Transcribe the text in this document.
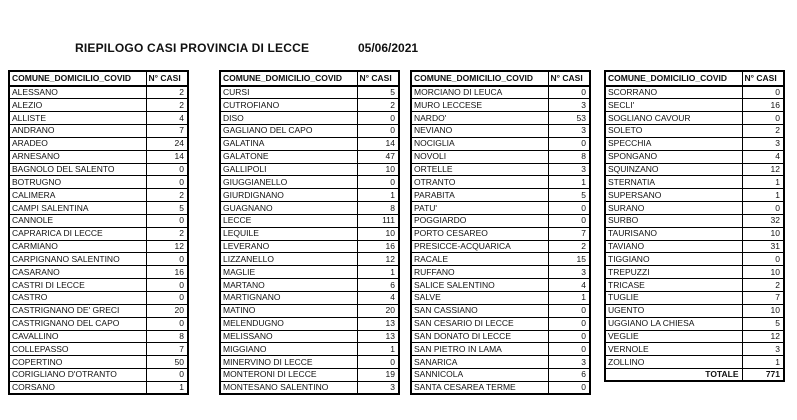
RIEPILOGO CASI PROVINCIA DI LECCE	05/06/2021
COMUNE_DOMICILIO_COVID	N° CASI
ALESSANO	2
ALEZIO	2
ALLISTE	4
ANDRANO	7
ARADEO	24
ARNESANO	14
BAGNOLO DEL SALENTO	0
BOTRUGNO	0
CALIMERA	2
CAMPI SALENTINA	5
CANNOLE	0
CAPRARICA DI LECCE	2
CARMIANO	12
CARPIGNANO SALENTINO	0
CASARANO	16
CASTRI DI LECCE	0
CASTRO	0
CASTRIGNANO DE' GRECI	20
CASTRIGNANO DEL CAPO	0
CAVALLINO	8
COLLEPASSO	7
COPERTINO	50
CORIGLIANO D'OTRANTO	0
CORSANO	1
COMUNE_DOMICILIO_COVID	N° CASI
CURSI	5
CUTROFIANO	2
DISO	0
GAGLIANO DEL CAPO	0
GALATINA	14
GALATONE	47
GALLIPOLI	10
GIUGGIANELLO	0
GIURDIGNANO	1
GUAGNANO	8
LECCE	111
LEQUILE	10
LEVERANO	16
LIZZANELLO	12
MAGLIE	1
MARTANO	6
MARTIGNANO	4
MATINO	20
MELENDUGNO	13
MELISSANO	13
MIGGIANO	1
MINERVINO DI LECCE	0
MONTERONI DI LECCE	19
MONTESANO SALENTINO	3
COMUNE_DOMICILIO_COVID	N° CASI
MORCIANO DI LEUCA	0
MURO LECCESE	3
NARDO'	53
NEVIANO	3
NOCIGLIA	0
NOVOLI	8
ORTELLE	3
OTRANTO	1
PARABITA	5
PATU'	0
POGGIARDO	0
PORTO CESAREO	7
PRESICCE-ACQUARICA	2
RACALE	15
RUFFANO	3
SALICE SALENTINO	4
SALVE	1
SAN CASSIANO	0
SAN CESARIO DI LECCE	0
SAN DONATO DI LECCE	0
SAN PIETRO IN LAMA	0
SANARICA	3
SANNICOLA	6
SANTA CESAREA TERME	0
COMUNE_DOMICILIO_COVID	N° CASI
SCORRANO	0
SECLI'	16
SOGLIANO CAVOUR	0
SOLETO	2
SPECCHIA	3
SPONGANO	4
SQUINZANO	12
STERNATIA	1
SUPERSANO	1
SURANO	0
SURBO	32
TAURISANO	10
TAVIANO	31
TIGGIANO	0
TREPUZZI	10
TRICASE	2
TUGLIE	7
UGENTO	10
UGGIANO LA CHIESA	5
VEGLIE	12
VERNOLE	3
ZOLLINO	1
TOTALE	771
